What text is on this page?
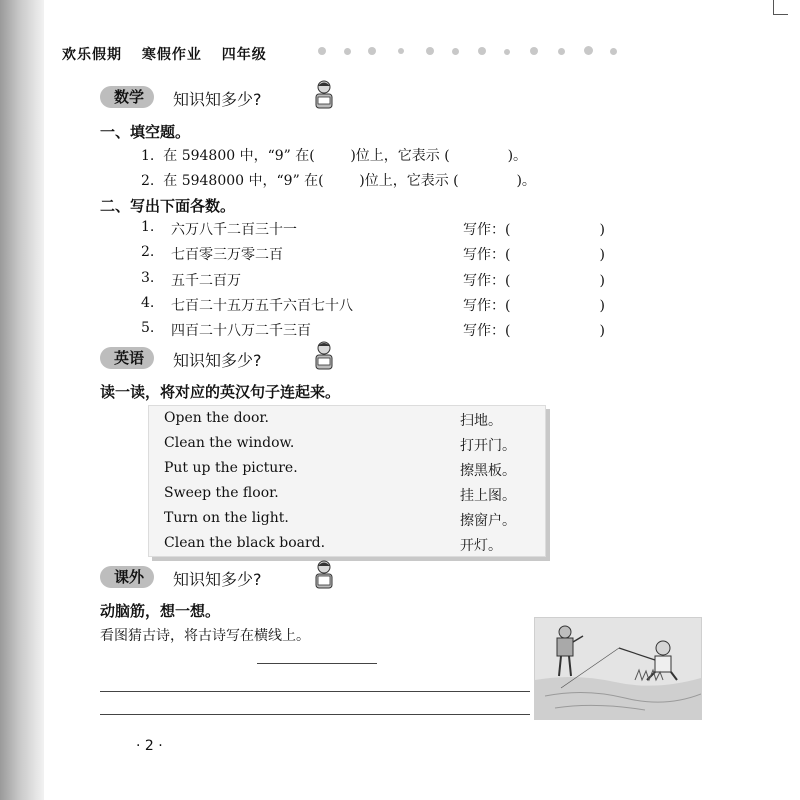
欢乐假期 寒假作业 四年级
数学	知识知多少?
一、填空题。
1.  在 594800 中，“9” 在(        )位上，它表示 (             )。
2.  在 5948000 中，“9” 在(        )位上，它表示 (             )。
二、写出下面各数。
1. 六万八千二百三十一	写作：(                    )
2. 七百零三万零二百	写作：(                    )
3. 五千二百万	写作：(                    )
4. 七百二十五万五千六百七十八	写作：(                    )
5. 四百二十八万二千三百	写作：(                    )
英语	知识知多少?
读一读，将对应的英汉句子连起来。
Open the door.	扫地。
Clean the window.	打开门。
Put up the picture.	擦黑板。
Sweep the floor.	挂上图。
Turn on the light.	擦窗户。
Clean the black board.	开灯。
课外	知识知多少?
动脑筋，想一想。
看图猜古诗，将古诗写在横线上。
· 2 ·
